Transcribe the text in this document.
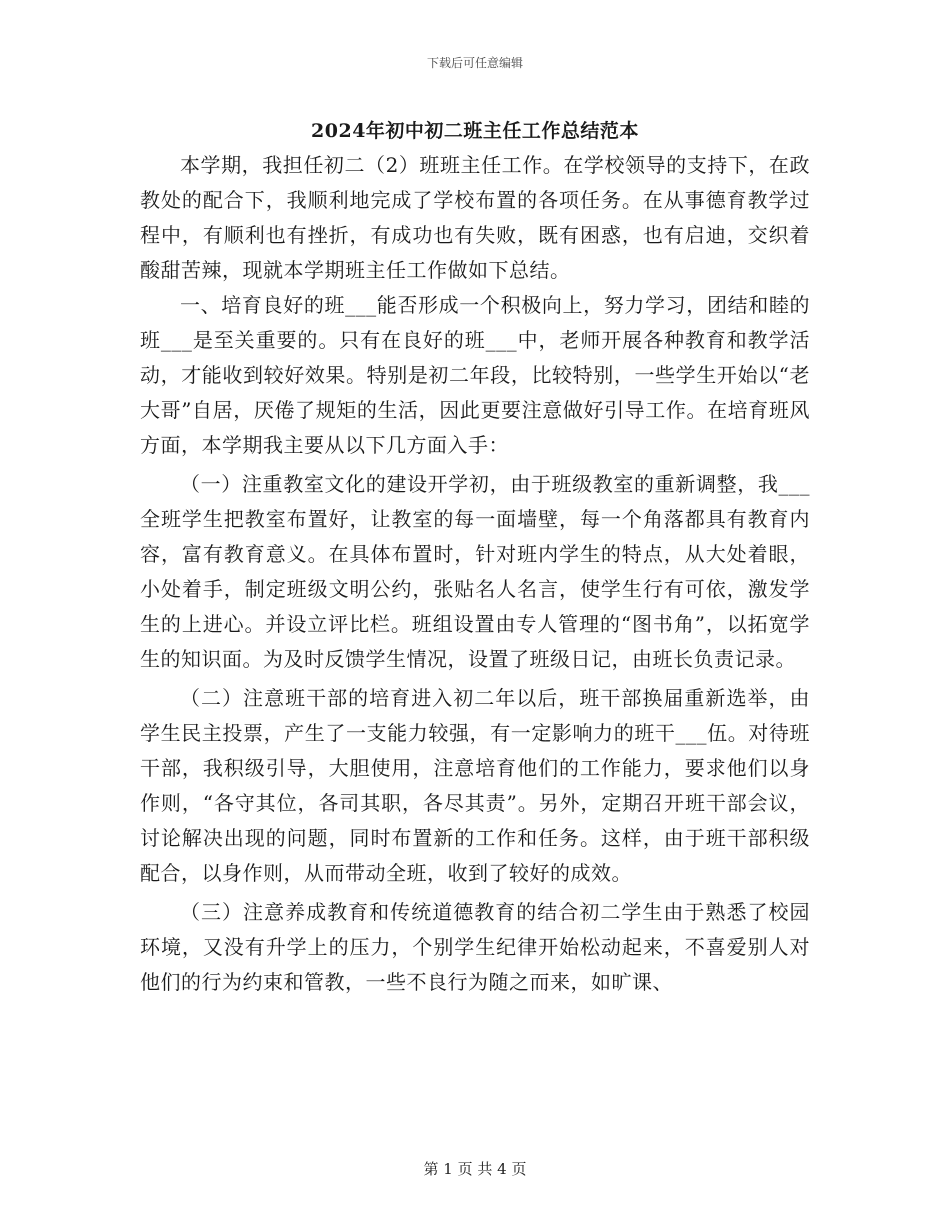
下载后可任意编辑
2024年初中初二班主任工作总结范本

本学期，我担任初二（2）班班主任工作。在学校领导的支持下，在政教处的配合下，我顺利地完成了学校布置的各项任务。在从事德育教学过程中，有顺利也有挫折，有成功也有失败，既有困惑，也有启迪，交织着酸甜苦辣，现就本学期班主任工作做如下总结。

一、培育良好的班___能否形成一个积极向上，努力学习，团结和睦的班___是至关重要的。只有在良好的班___中，老师开展各种教育和教学活动，才能收到较好效果。特别是初二年段，比较特别，一些学生开始以“老大哥”自居，厌倦了规矩的生活，因此更要注意做好引导工作。在培育班风方面，本学期我主要从以下几方面入手：

（一）注重教室文化的建设开学初，由于班级教室的重新调整，我___全班学生把教室布置好，让教室的每一面墙壁，每一个角落都具有教育内容，富有教育意义。在具体布置时，针对班内学生的特点，从大处着眼，小处着手，制定班级文明公约，张贴名人名言，使学生行有可依，激发学生的上进心。并设立评比栏。班组设置由专人管理的“图书角”，以拓宽学生的知识面。为及时反馈学生情况，设置了班级日记，由班长负责记录。

（二）注意班干部的培育进入初二年以后，班干部换届重新选举，由学生民主投票，产生了一支能力较强，有一定影响力的班干___伍。对待班干部，我积级引导，大胆使用，注意培育他们的工作能力，要求他们以身作则，“各守其位，各司其职，各尽其责”。另外，定期召开班干部会议，讨论解决出现的问题，同时布置新的工作和任务。这样，由于班干部积级配合，以身作则，从而带动全班，收到了较好的成效。

（三）注意养成教育和传统道德教育的结合初二学生由于熟悉了校园环境，又没有升学上的压力，个别学生纪律开始松动起来，不喜爱别人对他们的行为约束和管教，一些不良行为随之而来，如旷课、

第 1 页 共 4 页
